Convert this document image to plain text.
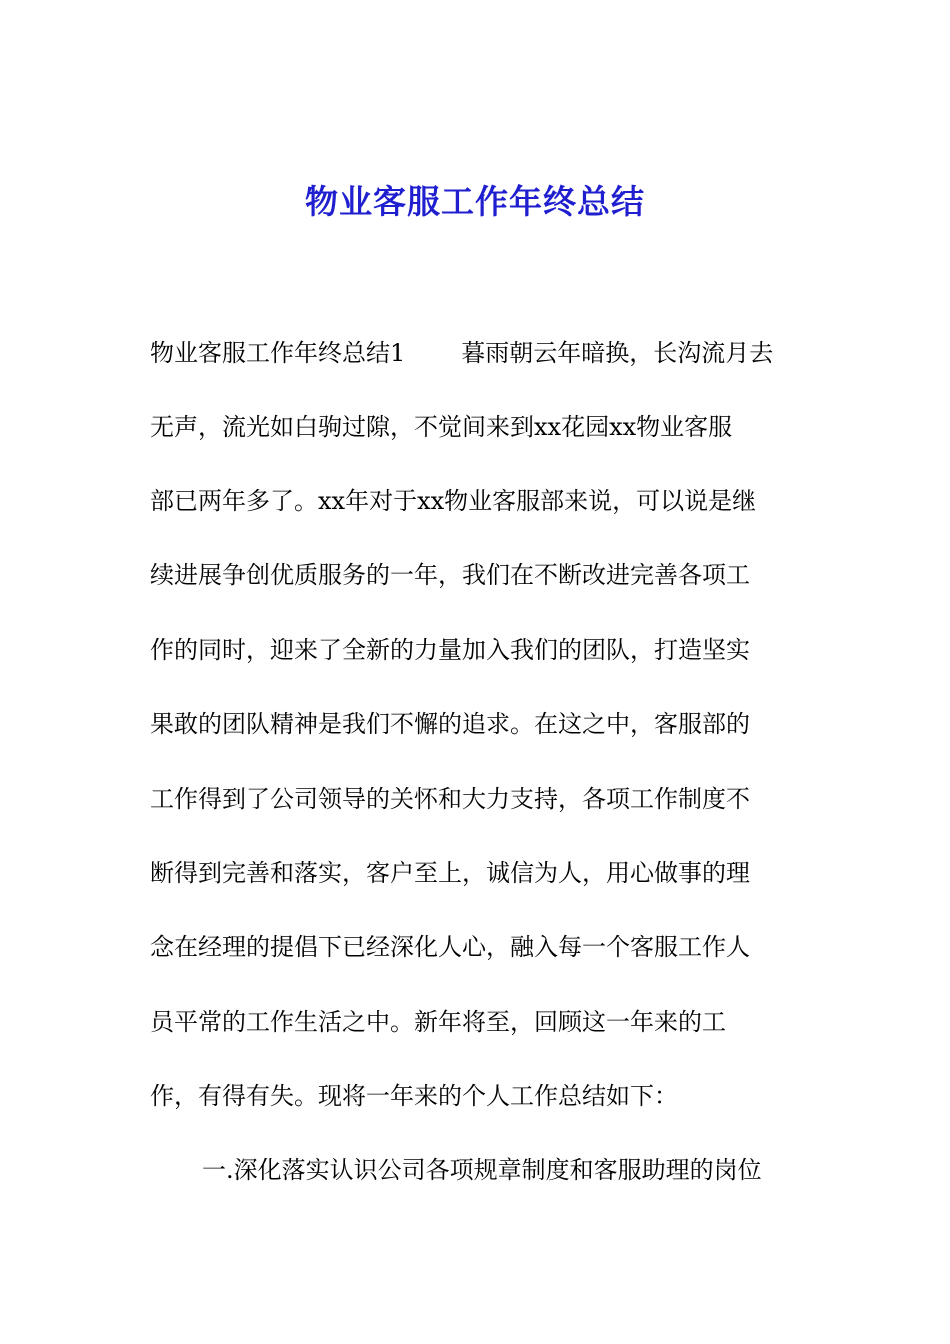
物业客服工作年终总结
物业客服工作年终总结1 暮雨朝云年暗换，长沟流月去
无声，流光如白驹过隙，不觉间来到xx花园xx物业客服
部已两年多了。xx年对于xx物业客服部来说，可以说是继
续进展争创优质服务的一年，我们在不断改进完善各项工
作的同时，迎来了全新的力量加入我们的团队，打造坚实
果敢的团队精神是我们不懈的追求。在这之中，客服部的
工作得到了公司领导的关怀和大力支持，各项工作制度不
断得到完善和落实，客户至上，诚信为人，用心做事的理
念在经理的提倡下已经深化人心，融入每一个客服工作人
员平常的工作生活之中。新年将至，回顾这一年来的工
作，有得有失。现将一年来的个人工作总结如下：
一.深化落实认识公司各项规章制度和客服助理的岗位
